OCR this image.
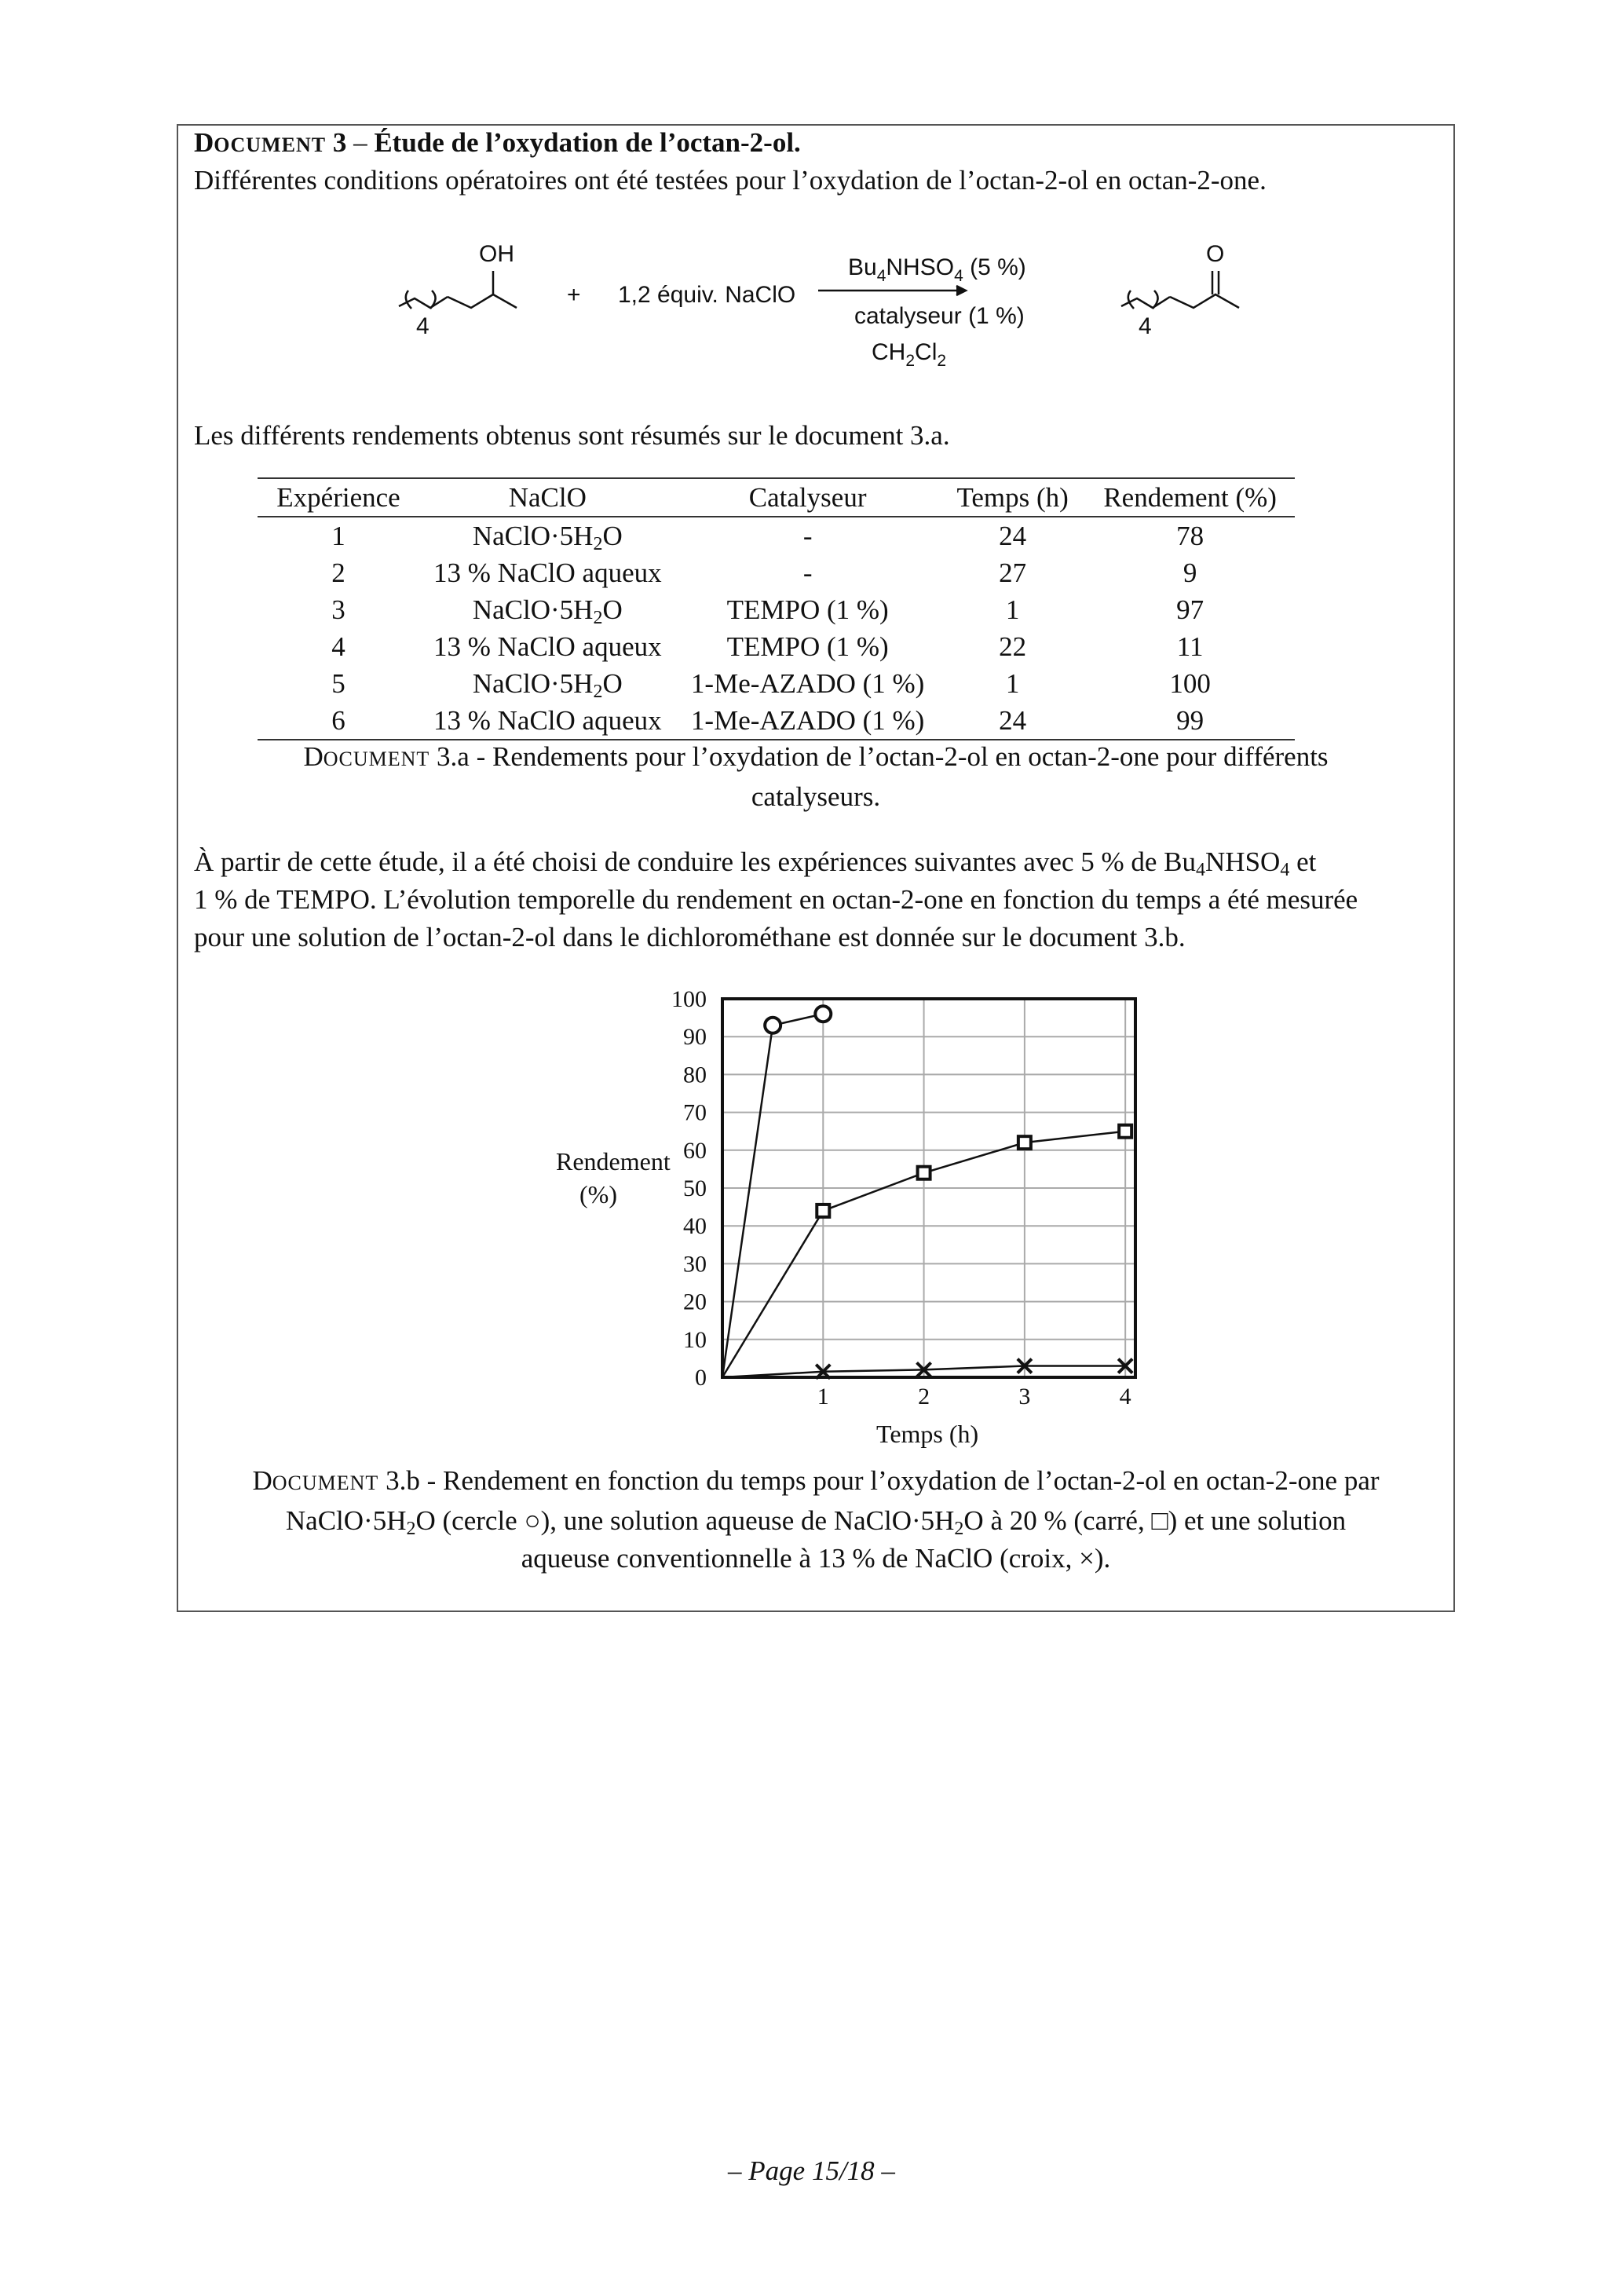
DOCUMENT 3 – Étude de l’oxydation de l’octan-2-ol.
Différentes conditions opératoires ont été testées pour l’oxydation de l’octan-2-ol en octan-2-one.
OH
4
+ 1,2 équiv. NaClO
$Bu_4NHSO_4$ (5 %)
catalyseur (1 %)
$CH_2Cl_2$
O
4
Les différents rendements obtenus sont résumés sur le document 3.a.
Expérience	NaClO	Catalyseur	Temps (h)	Rendement (%)
1	$NaClO\cdot 5H_2O$	-	24	78
2	13 % NaClO aqueux	-	27	9
3	$NaClO\cdot 5H_2O$	TEMPO (1 %)	1	97
4	13 % NaClO aqueux	TEMPO (1 %)	22	11
5	$NaClO\cdot 5H_2O$	1-Me-AZADO (1 %)	1	100
6	13 % NaClO aqueux	1-Me-AZADO (1 %)	24	99
DOCUMENT 3.a - Rendements pour l’oxydation de l’octan-2-ol en octan-2-one pour différents
catalyseurs.
À partir de cette étude, il a été choisi de conduire les expériences suivantes avec 5 % de $Bu_4NHSO_4$ et
1 % de TEMPO. L’évolution temporelle du rendement en octan-2-one en fonction du temps a été mesurée
pour une solution de l’octan-2-ol dans le dichlorométhane est donnée sur le document 3.b.
0
10
20
30
40
50
60
70
80
90
100
1	2	3	4
Rendement
(%)
Temps (h)
DOCUMENT 3.b - Rendement en fonction du temps pour l’oxydation de l’octan-2-ol en octan-2-one par
$NaClO\cdot 5H_2O$ (cercle ○), une solution aqueuse de $NaClO\cdot 5H_2O$ à 20 % (carré, □) et une solution
aqueuse conventionnelle à 13 % de NaClO (croix, ×).
– Page 15/18 –
